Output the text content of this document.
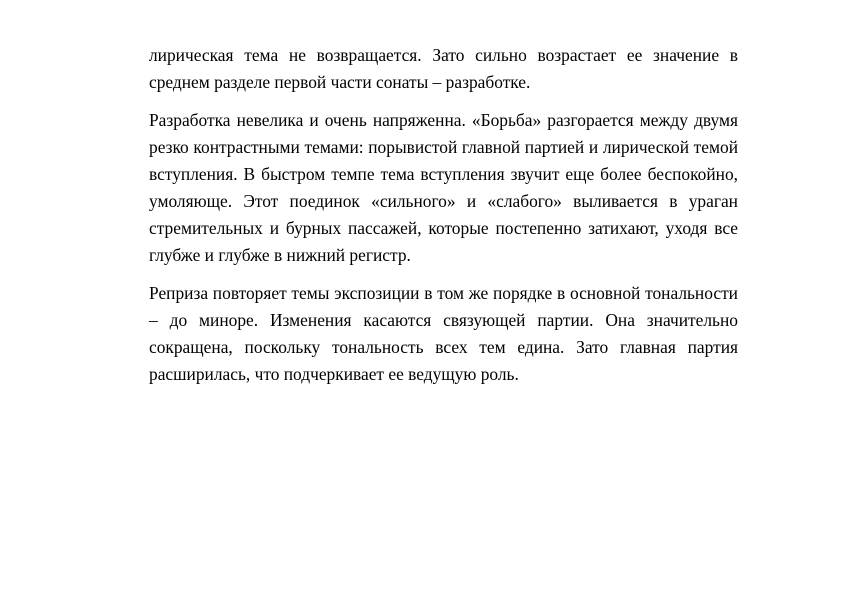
лирическая тема не возвращается. Зато сильно возрастает ее значение в среднем разделе первой части сонаты – разработке.

Разработка невелика и очень напряженна. «Борьба» разгорается между двумя резко контрастными темами: порывистой главной партией и лирической темой вступления. В быстром темпе тема вступления звучит еще более беспокойно, умоляюще. Этот поединок «сильного» и «слабого» выливается в ураган стремительных и бурных пассажей, которые постепенно затихают, уходя все глубже и глубже в нижний регистр.

Реприза повторяет темы экспозиции в том же порядке в основной тональности – до миноре. Изменения касаются связующей партии. Она значительно сокращена, поскольку тональность всех тем едина. Зато главная партия расширилась, что подчеркивает ее ведущую роль.
